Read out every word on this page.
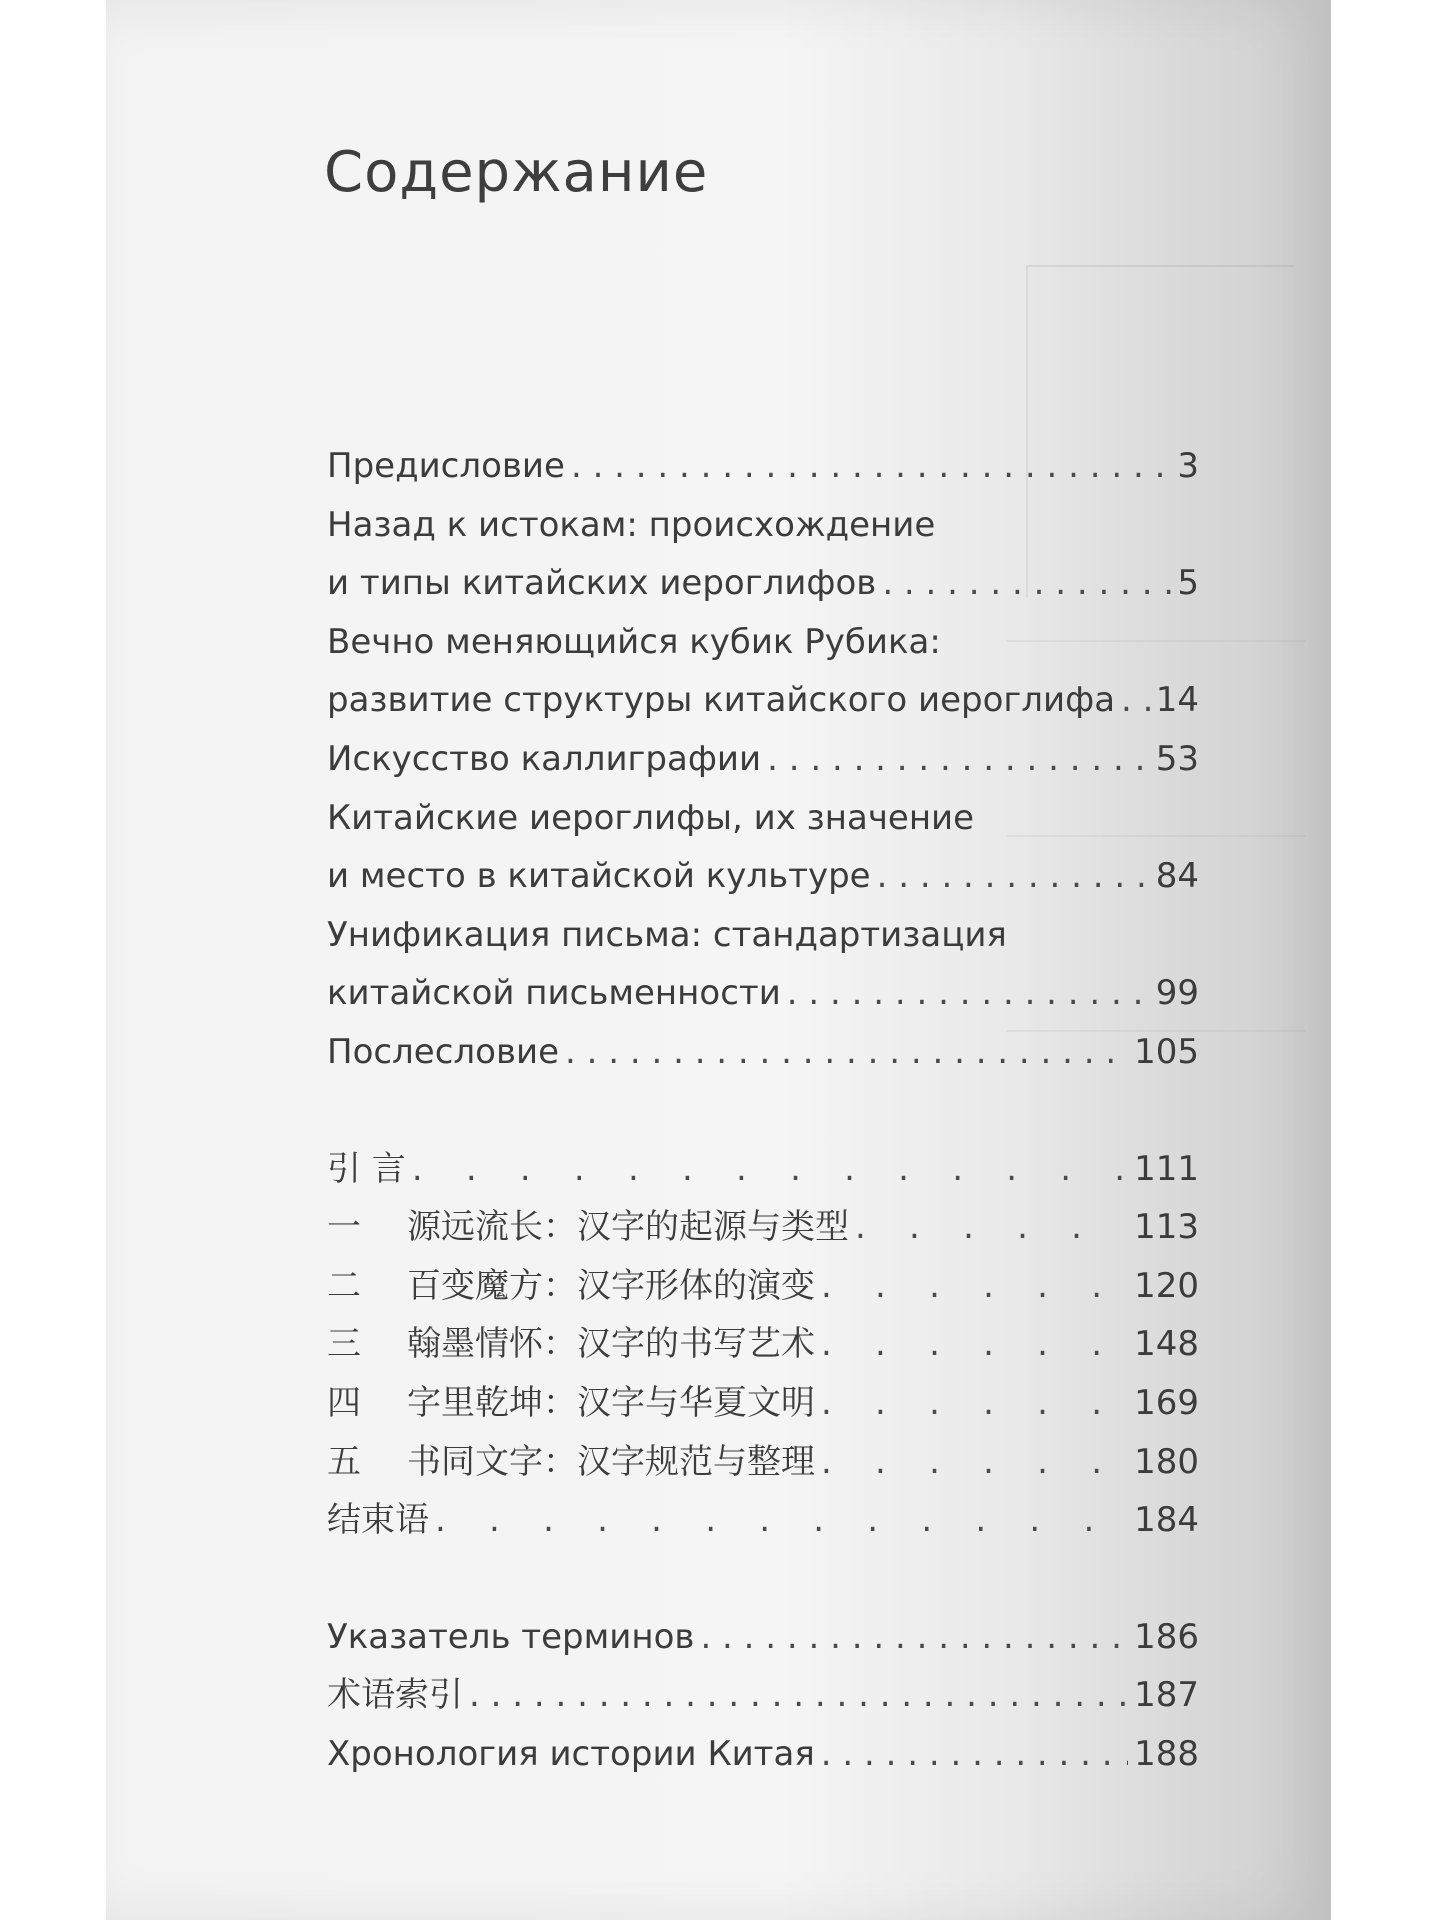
Содержание
Предисловие . . .	3
Назад к истокам: происхождение
и типы китайских иероглифов . . .	5
Вечно меняющийся кубик Рубика:
развитие структуры китайского иероглифа . . . 14
Искусство каллиграфии . . .	53
Китайские иероглифы, их значение
и место в китайской культуре . . .	84
Унификация письма: стандартизация
китайской письменности . . .	99
Послесловие . . .	105
引 言 .	111
一 源远流长：汉字的起源与类型 .	113
二 百变魔方：汉字形体的演变 .	120
三 翰墨情怀：汉字的书写艺术 .	148
四 字里乾坤：汉字与华夏文明 .	169
五 书同文字：汉字规范与整理 .	180
结束语 .	184
Указатель терминов . . .	186
术语索引 . . .	187
Хронология истории Китая . . .	188
